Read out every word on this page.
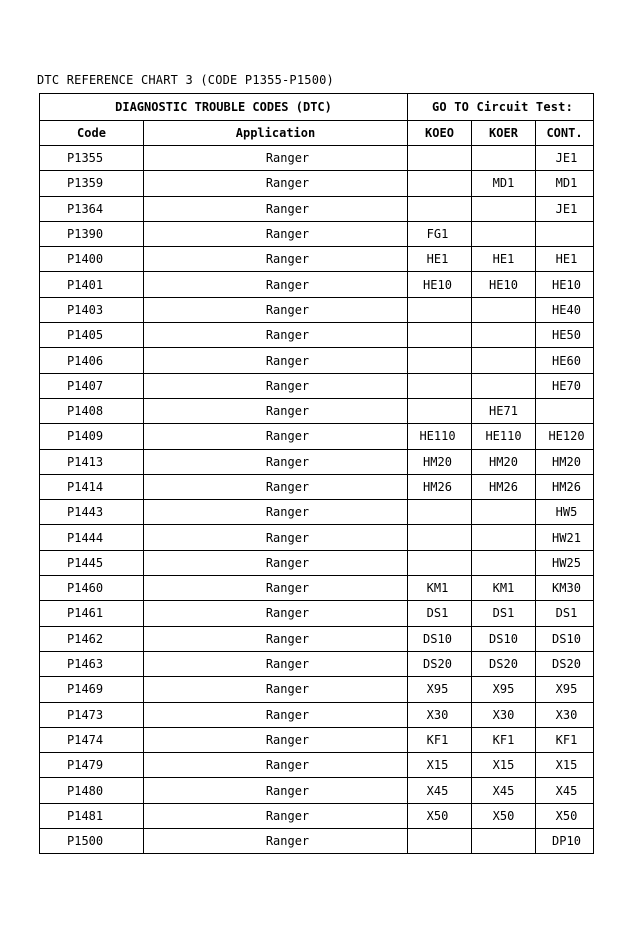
DTC REFERENCE CHART 3 (CODE P1355-P1500)
DIAGNOSTIC TROUBLE CODES (DTC)		GO TO Circuit Test:		
Code	Application	KOEO	KOER	CONT.
P1355	Ranger			JE1
P1359	Ranger		MD1	MD1
P1364	Ranger			JE1
P1390	Ranger	FG1		
P1400	Ranger	HE1	HE1	HE1
P1401	Ranger	HE10	HE10	HE10
P1403	Ranger			HE40
P1405	Ranger			HE50
P1406	Ranger			HE60
P1407	Ranger			HE70
P1408	Ranger		HE71	
P1409	Ranger	HE110	HE110	HE120
P1413	Ranger	HM20	HM20	HM20
P1414	Ranger	HM26	HM26	HM26
P1443	Ranger			HW5
P1444	Ranger			HW21
P1445	Ranger			HW25
P1460	Ranger	KM1	KM1	KM30
P1461	Ranger	DS1	DS1	DS1
P1462	Ranger	DS10	DS10	DS10
P1463	Ranger	DS20	DS20	DS20
P1469	Ranger	X95	X95	X95
P1473	Ranger	X30	X30	X30
P1474	Ranger	KF1	KF1	KF1
P1479	Ranger	X15	X15	X15
P1480	Ranger	X45	X45	X45
P1481	Ranger	X50	X50	X50
P1500	Ranger			DP10
